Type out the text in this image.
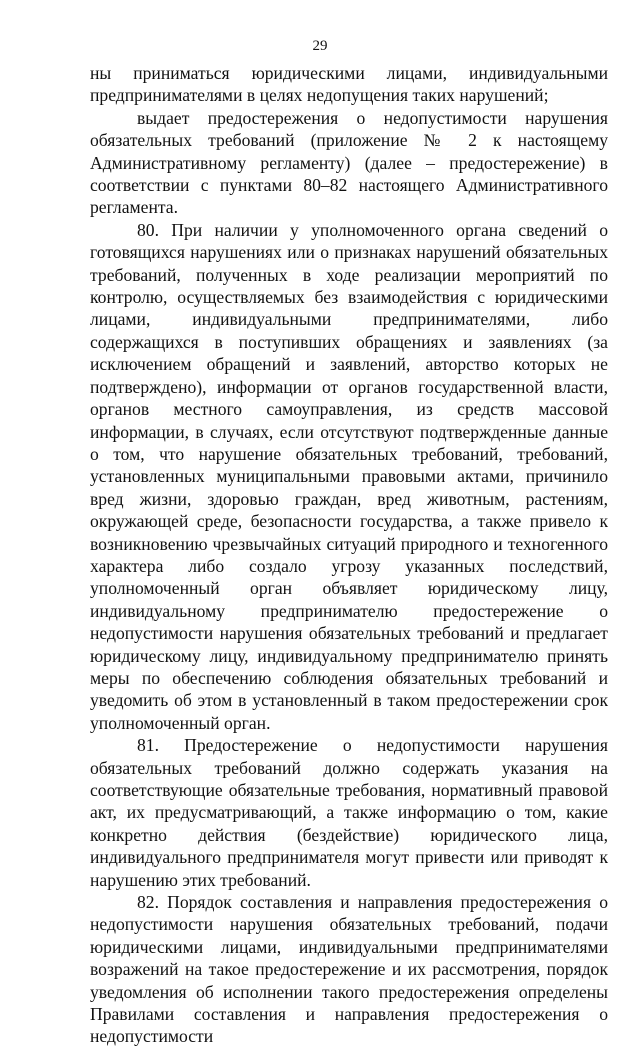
29

ны приниматься юридическими лицами, индивидуальными предпринимателями в целях недопущения таких нарушений;

выдает предостережения о недопустимости нарушения обязательных требований (приложение № 2 к настоящему Административному регламенту) (далее – предостережение) в соответствии с пунктами 80–82 настоящего Административного регламента.

80. При наличии у уполномоченного органа сведений о готовящихся нарушениях или о признаках нарушений обязательных требований, полученных в ходе реализации мероприятий по контролю, осуществляемых без взаимодействия с юридическими лицами, индивидуальными предпринимателями, либо содержащихся в поступивших обращениях и заявлениях (за исключением обращений и заявлений, авторство которых не подтверждено), информации от органов государственной власти, органов местного самоуправления, из средств массовой информации, в случаях, если отсутствуют подтвержденные данные о том, что нарушение обязательных требований, требований, установленных муниципальными правовыми актами, причинило вред жизни, здоровью граждан, вред животным, растениям, окружающей среде, безопасности государства, а также привело к возникновению чрезвычайных ситуаций природного и техногенного характера либо создало угрозу указанных последствий, уполномоченный орган объявляет юридическому лицу, индивидуальному предпринимателю предостережение о недопустимости нарушения обязательных требований и предлагает юридическому лицу, индивидуальному предпринимателю принять меры по обеспечению соблюдения обязательных требований и уведомить об этом в установленный в таком предостережении срок уполномоченный орган.

81. Предостережение о недопустимости нарушения обязательных требований должно содержать указания на соответствующие обязательные требования, нормативный правовой акт, их предусматривающий, а также информацию о том, какие конкретно действия (бездействие) юридического лица, индивидуального предпринимателя могут привести или приводят к нарушению этих требований.

82. Порядок составления и направления предостережения о недопустимости нарушения обязательных требований, подачи юридическими лицами, индивидуальными предпринимателями возражений на такое предостережение и их рассмотрения, порядок уведомления об исполнении такого предостережения определены Правилами составления и направления предостережения о недопустимости
